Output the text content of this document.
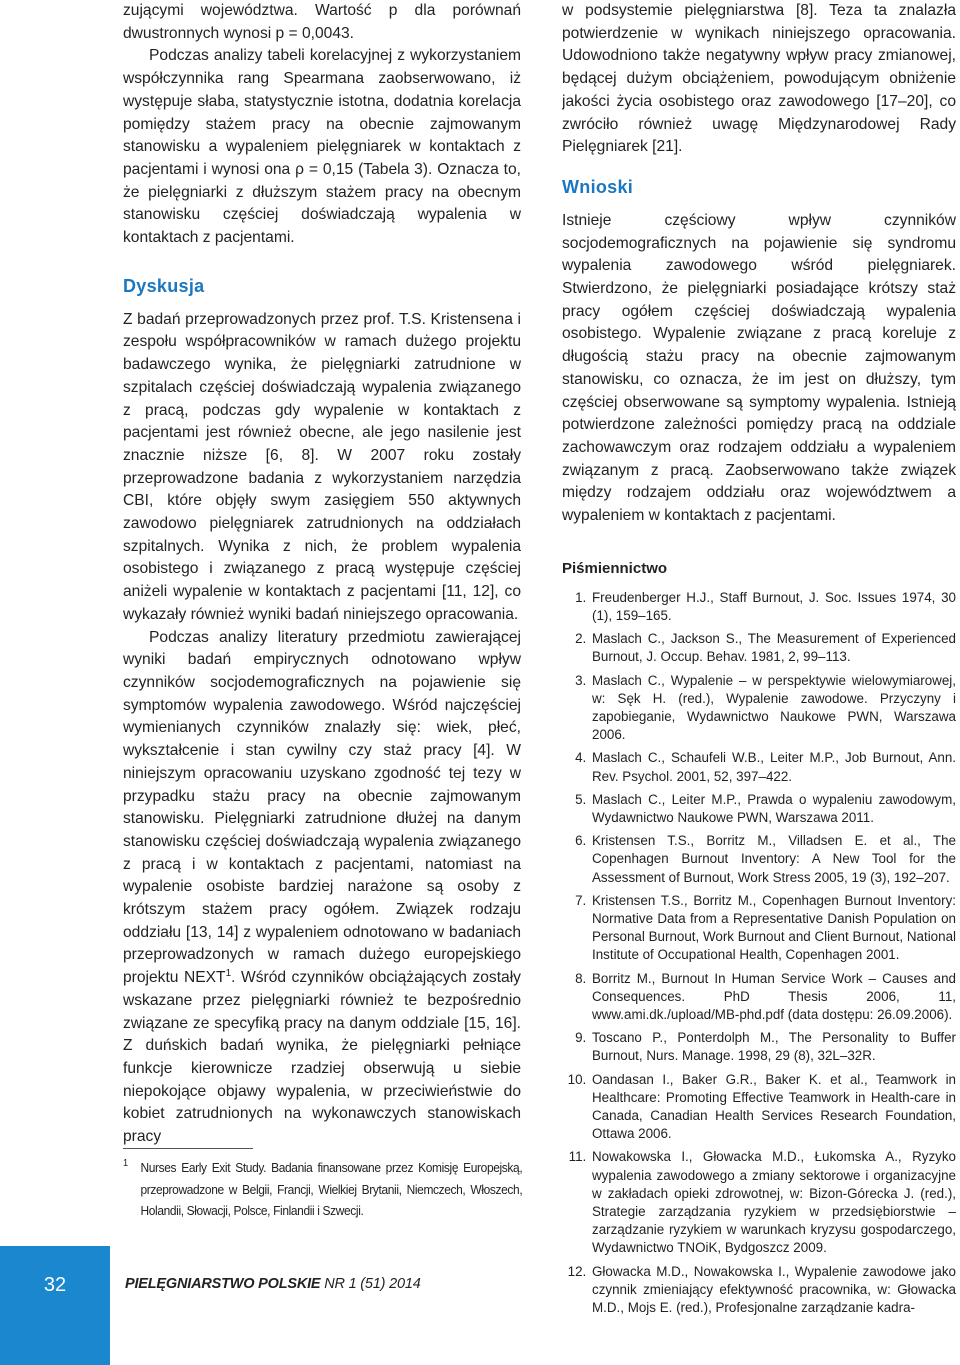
zującymi województwa. Wartość p dla porównań dwustronnych wynosi p = 0,0043.

Podczas analizy tabeli korelacyjnej z wykorzystaniem współczynnika rang Spearmana zaobserwowano, iż występuje słaba, statystycznie istotna, dodatnia korelacja pomiędzy stażem pracy na obecnie zajmowanym stanowisku a wypaleniem pielęgniarek w kontaktach z pacjentami i wynosi ona ρ = 0,15 (Tabela 3). Oznacza to, że pielęgniarki z dłuższym stażem pracy na obecnym stanowisku częściej doświadczają wypalenia w kontaktach z pacjentami.

Dyskusja

Z badań przeprowadzonych przez prof. T.S. Kristensena i zespołu współpracowników w ramach dużego projektu badawczego wynika, że pielęgniarki zatrudnione w szpitalach częściej doświadczają wypalenia związanego z pracą, podczas gdy wypalenie w kontaktach z pacjentami jest również obecne, ale jego nasilenie jest znacznie niższe [6, 8]. W 2007 roku zostały przeprowadzone badania z wykorzystaniem narzędzia CBI, które objęły swym zasięgiem 550 aktywnych zawodowo pielęgniarek zatrudnionych na oddziałach szpitalnych. Wynika z nich, że problem wypalenia osobistego i związanego z pracą występuje częściej aniżeli wypalenie w kontaktach z pacjentami [11, 12], co wykazały również wyniki badań niniejszego opracowania.

Podczas analizy literatury przedmiotu zawierającej wyniki badań empirycznych odnotowano wpływ czynników socjodemograficznych na pojawienie się symptomów wypalenia zawodowego. Wśród najczęściej wymienianych czynników znalazły się: wiek, płeć, wykształcenie i stan cywilny czy staż pracy [4]. W niniejszym opracowaniu uzyskano zgodność tej tezy w przypadku stażu pracy na obecnie zajmowanym stanowisku. Pielęgniarki zatrudnione dłużej na danym stanowisku częściej doświadczają wypalenia związanego z pracą i w kontaktach z pacjentami, natomiast na wypalenie osobiste bardziej narażone są osoby z krótszym stażem pracy ogółem. Związek rodzaju oddziału [13, 14] z wypaleniem odnotowano w badaniach przeprowadzonych w ramach dużego europejskiego projektu NEXT$^1$. Wśród czynników obciążających zostały wskazane przez pielęgniarki również te bezpośrednio związane ze specyfiką pracy na danym oddziale [15, 16]. Z duńskich badań wynika, że pielęgniarki pełniące funkcje kierownicze rzadziej obserwują u siebie niepokojące objawy wypalenia, w przeciwieństwie do kobiet zatrudnionych na wykonawczych stanowiskach pracy

1 Nurses Early Exit Study. Badania finansowane przez Komisję Europejską, przeprowadzone w Belgii, Francji, Wielkiej Brytanii, Niemczech, Włoszech, Holandii, Słowacji, Polsce, Finlandii i Szwecji.

w podsystemie pielęgniarstwa [8]. Teza ta znalazła potwierdzenie w wynikach niniejszego opracowania. Udowodniono także negatywny wpływ pracy zmianowej, będącej dużym obciążeniem, powodującym obniżenie jakości życia osobistego oraz zawodowego [17–20], co zwróciło również uwagę Międzynarodowej Rady Pielęgniarek [21].

Wnioski

Istnieje częściowy wpływ czynników socjodemograficznych na pojawienie się syndromu wypalenia zawodowego wśród pielęgniarek. Stwierdzono, że pielęgniarki posiadające krótszy staż pracy ogółem częściej doświadczają wypalenia osobistego. Wypalenie związane z pracą koreluje z długością stażu pracy na obecnie zajmowanym stanowisku, co oznacza, że im jest on dłuższy, tym częściej obserwowane są symptomy wypalenia. Istnieją potwierdzone zależności pomiędzy pracą na oddziale zachowawczym oraz rodzajem oddziału a wypaleniem związanym z pracą. Zaobserwowano także związek między rodzajem oddziału oraz województwem a wypaleniem w kontaktach z pacjentami.

Piśmiennictwo
1. Freudenberger H.J., Staff Burnout, J. Soc. Issues 1974, 30 (1), 159–165.
2. Maslach C., Jackson S., The Measurement of Experienced Burnout, J. Occup. Behav. 1981, 2, 99–113.
3. Maslach C., Wypalenie – w perspektywie wielowymiarowej, w: Sęk H. (red.), Wypalenie zawodowe. Przyczyny i zapobieganie, Wydawnictwo Naukowe PWN, Warszawa 2006.
4. Maslach C., Schaufeli W.B., Leiter M.P., Job Burnout, Ann. Rev. Psychol. 2001, 52, 397–422.
5. Maslach C., Leiter M.P., Prawda o wypaleniu zawodowym, Wydawnictwo Naukowe PWN, Warszawa 2011.
6. Kristensen T.S., Borritz M., Villadsen E. et al., The Copenhagen Burnout Inventory: A New Tool for the Assessment of Burnout, Work Stress 2005, 19 (3), 192–207.
7. Kristensen T.S., Borritz M., Copenhagen Burnout Inventory: Normative Data from a Representative Danish Population on Personal Burnout, Work Burnout and Client Burnout, National Institute of Occupational Health, Copenhagen 2001.
8. Borritz M., Burnout In Human Service Work – Causes and Consequences. PhD Thesis 2006, 11, www.ami.dk./upload/MB-phd.pdf (data dostępu: 26.09.2006).
9. Toscano P., Ponterdolph M., The Personality to Buffer Burnout, Nurs. Manage. 1998, 29 (8), 32L–32R.
10. Oandasan I., Baker G.R., Baker K. et al., Teamwork in Healthcare: Promoting Effective Teamwork in Health-care in Canada, Canadian Health Services Research Foundation, Ottawa 2006.
11. Nowakowska I., Głowacka M.D., Łukomska A., Ryzyko wypalenia zawodowego a zmiany sektorowe i organizacyjne w zakładach opieki zdrowotnej, w: Bizon-Górecka J. (red.), Strategie zarządzania ryzykiem w przedsiębiorstwie – zarządzanie ryzykiem w warunkach kryzysu gospodarczego, Wydawnictwo TNOiK, Bydgoszcz 2009.
12. Głowacka M.D., Nowakowska I., Wypalenie zawodowe jako czynnik zmieniający efektywność pracownika, w: Głowacka M.D., Mojs E. (red.), Profesjonalne zarządzanie kadra-
32	PIELĘGNIARSTWO POLSKIE NR 1 (51) 2014
